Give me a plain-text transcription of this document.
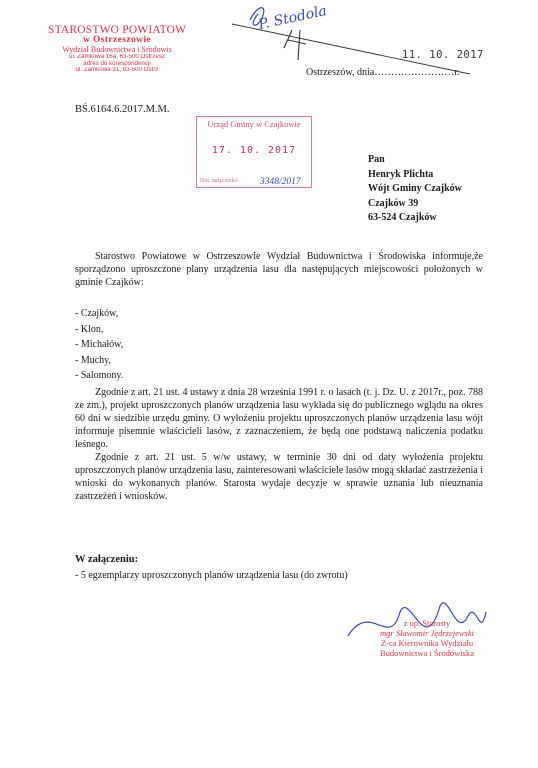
STAROSTWO POWIATOW
w Ostrzeszowie
Wydział Budownictwa i Środowis
ul. Zamkowa 16a, 63-500 Ostrzesz
adres do korespondencji
ul. Zamkowa 31, 63-500 Ostrz
P. Stodola
11. 10. 2017
Ostrzeszów, dnia……………………r.
BŚ.6164.6.2017.M.M.
Urząd Gminy w Czajkowie
17. 10. 2017
Dot. załącznikó 3348/2017
Pan
Henryk Plichta
Wójt Gminy Czajków
Czajków 39
63-524 Czajków
Starostwo Powiatowe w Ostrzeszowie Wydział Budownictwa i Środowiska informuje,że sporządzono uproszczone plany urządzenia lasu dla następujących miejscowości położonych w gminie Czajków:
- Czajków,
- Klon,
- Michałów,
- Muchy,
- Salomony.
Zgodnie z art. 21 ust. 4 ustawy z dnia 28 września 1991 r. o lasach (t. j. Dz. U. z 2017r., poz. 788 ze zm.), projekt uproszczonych planów urządzenia lasu wykłada się do publicznego wglądu na okres 60 dni w siedzibie urzędu gminy. O wyłożeniu projektu uproszczonych planów urządzenia lasu wójt informuje pisemnie właścicieli lasów, z zaznaczeniem, że będą one podstawą naliczenia podatku leśnego.
Zgodnie z art. 21 ust. 5 w/w ustawy, w terminie 30 dni od daty wyłożenia projektu uproszczonych planów urządzenia lasu, zainteresowani właściciele lasów mogą składać zastrzeżenia i wnioski do wykonanych planów. Starosta wydaje decyzje w sprawie uznania lub nieuznania zastrzeżeń i wniosków.
W załączeniu:
- 5 egzemplarzy uproszczonych planów urządzenia lasu (do zwrotu)
z up. Starosty
mgr Sławomir Jędrzejewski
Z-ca Kierownika Wydziału
Budownictwa i Środowiska
